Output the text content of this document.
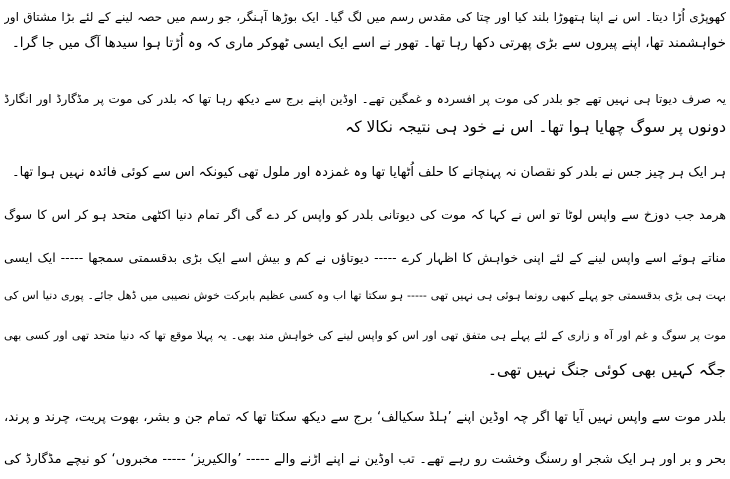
کھوپڑی اُڑا دیتا۔ اس نے اپنا ہتھوڑا بلند کیا اور چتا کی مقدس رسم میں لگ گیا۔ ایک بوڑھا آہنگر، جو رسم میں حصہ لینے کے لئے بڑا مشتاق اور
خواہشمند تھا، اپنے پیروں سے بڑی پھرتی دکھا رہا تھا۔ تھور نے اسے ایک ایسی ٹھوکر ماری کہ وہ اُڑتا ہوا سیدھا آگ میں جا گرا۔
یہ صرف دیوتا ہی نہیں تھے جو بلدر کی موت پر افسردہ و غمگین تھے۔ اوڈین اپنے برج سے دیکھ رہا تھا کہ بلدر کی موت پر مڈگارڈ اور انگارڈ
دونوں پر سوگ چھایا ہوا تھا۔ اس نے خود ہی نتیجہ نکالا کہ
ہر ایک ہر چیز جس نے بلدر کو نقصان نہ پہنچانے کا حلف اُٹھایا تھا وہ غمزدہ اور ملول تھی کیونکہ اس سے کوئی فائدہ نہیں ہوا تھا۔
ھرمد جب دوزخ سے واپس لوٹا تو اس نے کہا کہ موت کی دیوتانی بلدر کو واپس کر دے گی اگر تمام دنیا اکٹھی متحد ہو کر اس کا سوگ
مناتے ہوئے اسے واپس لینے کے لئے اپنی خواہش کا اظہار کرے ----- دیوتاؤں نے کم و بیش اسے ایک بڑی بدقسمتی سمجھا ----- ایک ایسی
بہت ہی بڑی بدقسمتی جو پہلے کبھی رونما ہوئی ہی نہیں تھی ----- ہو سکتا تھا اب وہ کسی عظیم بابرکت خوش نصیبی میں ڈھل جائے۔ پوری دنیا اس کی
موت پر سوگ و غم اور آہ و زاری کے لئے پہلے ہی متفق تھی اور اس کو واپس لینے کی خواہش مند بھی۔ یہ پہلا موقع تھا کہ دنیا متحد تھی اور کسی بھی
جگہ کہیں بھی کوئی جنگ نہیں تھی۔
بلدر موت سے واپس نہیں آیا تھا اگر چہ اوڈین اپنے ’ہلڈ سکیالف‘ برج سے دیکھ سکتا تھا کہ تمام جن و بشر، بھوت پریت، چرند و پرند،
بحر و بر اور ہر ایک شجر او رسنگ وخشت رو رہے تھے۔ تب اوڈین نے اپنے اڑنے والے ----- ’والکیریز‘ ----- مخبروں‘ کو نیچے مڈگارڈ کی
